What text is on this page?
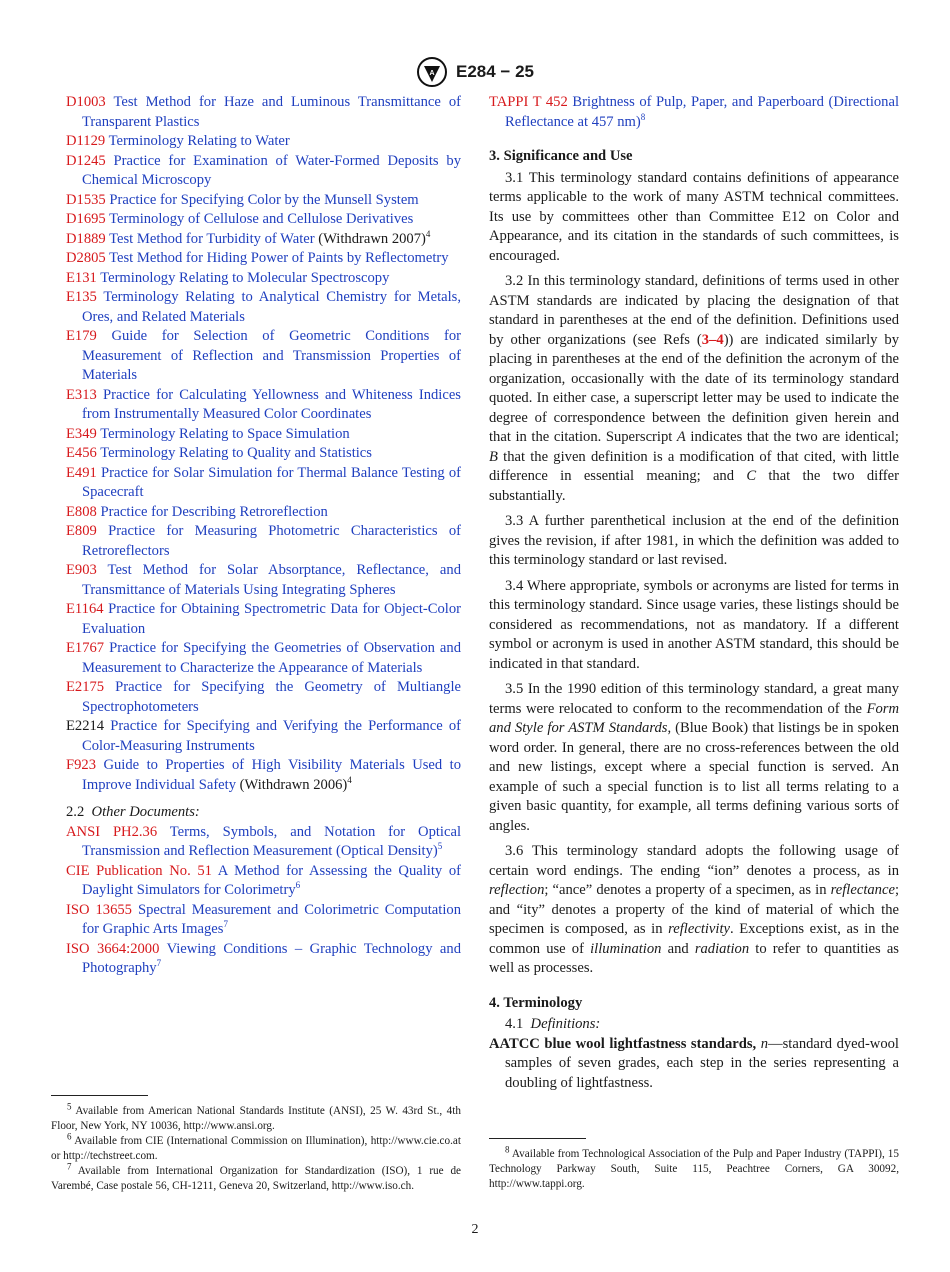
A E284 − 25

D1003 Test Method for Haze and Luminous Transmittance of Transparent Plastics

D1129 Terminology Relating to Water

D1245 Practice for Examination of Water-Formed Deposits by Chemical Microscopy

D1535 Practice for Specifying Color by the Munsell System

D1695 Terminology of Cellulose and Cellulose Derivatives

D1889 Test Method for Turbidity of Water (Withdrawn 2007)$^4$

D2805 Test Method for Hiding Power of Paints by Reflectometry

E131 Terminology Relating to Molecular Spectroscopy

E135 Terminology Relating to Analytical Chemistry for Metals, Ores, and Related Materials

E179 Guide for Selection of Geometric Conditions for Measurement of Reflection and Transmission Properties of Materials

E313 Practice for Calculating Yellowness and Whiteness Indices from Instrumentally Measured Color Coordinates

E349 Terminology Relating to Space Simulation

E456 Terminology Relating to Quality and Statistics

E491 Practice for Solar Simulation for Thermal Balance Testing of Spacecraft

E808 Practice for Describing Retroreflection

E809 Practice for Measuring Photometric Characteristics of Retroreflectors

E903 Test Method for Solar Absorptance, Reflectance, and Transmittance of Materials Using Integrating Spheres

E1164 Practice for Obtaining Spectrometric Data for Object-Color Evaluation

E1767 Practice for Specifying the Geometries of Observation and Measurement to Characterize the Appearance of Materials

E2175 Practice for Specifying the Geometry of Multiangle Spectrophotometers

E2214 Practice for Specifying and Verifying the Performance of Color-Measuring Instruments

F923 Guide to Properties of High Visibility Materials Used to Improve Individual Safety (Withdrawn 2006)$^4$

2.2 Other Documents:

ANSI PH2.36 Terms, Symbols, and Notation for Optical Transmission and Reflection Measurement (Optical Density)$^5$

CIE Publication No. 51 A Method for Assessing the Quality of Daylight Simulators for Colorimetry$^6$

ISO 13655 Spectral Measurement and Colorimetric Computation for Graphic Arts Images$^7$

ISO 3664:2000 Viewing Conditions – Graphic Technology and Photography$^7$

TAPPI T 452 Brightness of Pulp, Paper, and Paperboard (Directional Reflectance at 457 nm)$^8$

3. Significance and Use

3.1 This terminology standard contains definitions of appearance terms applicable to the work of many ASTM technical committees. Its use by committees other than Committee E12 on Color and Appearance, and its citation in the standards of such committees, is encouraged.

3.2 In this terminology standard, definitions of terms used in other ASTM standards are indicated by placing the designation of that standard in parentheses at the end of the definition. Definitions used by other organizations (see Refs (3–4)) are indicated similarly by placing in parentheses at the end of the definition the acronym of the organization, occasionally with the date of its terminology standard quoted. In either case, a superscript letter may be used to indicate the degree of correspondence between the definition given herein and that in the citation. Superscript A indicates that the two are identical; B that the given definition is a modification of that cited, with little difference in essential meaning; and C that the two differ substantially.

3.3 A further parenthetical inclusion at the end of the definition gives the revision, if after 1981, in which the definition was added to this terminology standard or last revised.

3.4 Where appropriate, symbols or acronyms are listed for terms in this terminology standard. Since usage varies, these listings should be considered as recommendations, not as mandatory. If a different symbol or acronym is used in another ASTM standard, this should be indicated in that standard.

3.5 In the 1990 edition of this terminology standard, a great many terms were relocated to conform to the recommendation of the Form and Style for ASTM Standards, (Blue Book) that listings be in spoken word order. In general, there are no cross-references between the old and new listings, except where a special function is served. An example of such a special function is to list all terms relating to a given basic quantity, for example, all terms defining various sorts of angles.

3.6 This terminology standard adopts the following usage of certain word endings. The ending “ion” denotes a process, as in reflection; “ance” denotes a property of a specimen, as in reflectance; and “ity” denotes a property of the kind of material of which the specimen is composed, as in reflectivity. Exceptions exist, as in the common use of illumination and radiation to refer to quantities as well as processes.

4. Terminology

4.1 Definitions:

AATCC blue wool lightfastness standards, n—standard dyed-wool samples of seven grades, each step in the series representing a doubling of lightfastness.

$^5$ Available from American National Standards Institute (ANSI), 25 W. 43rd St., 4th Floor, New York, NY 10036, http://www.ansi.org.

$^6$ Available from CIE (International Commission on Illumination), http://www.cie.co.at or http://techstreet.com.

$^7$ Available from International Organization for Standardization (ISO), 1 rue de Varembé, Case postale 56, CH-1211, Geneva 20, Switzerland, http://www.iso.ch.

$^8$ Available from Technological Association of the Pulp and Paper Industry (TAPPI), 15 Technology Parkway South, Suite 115, Peachtree Corners, GA 30092, http://www.tappi.org.

2
